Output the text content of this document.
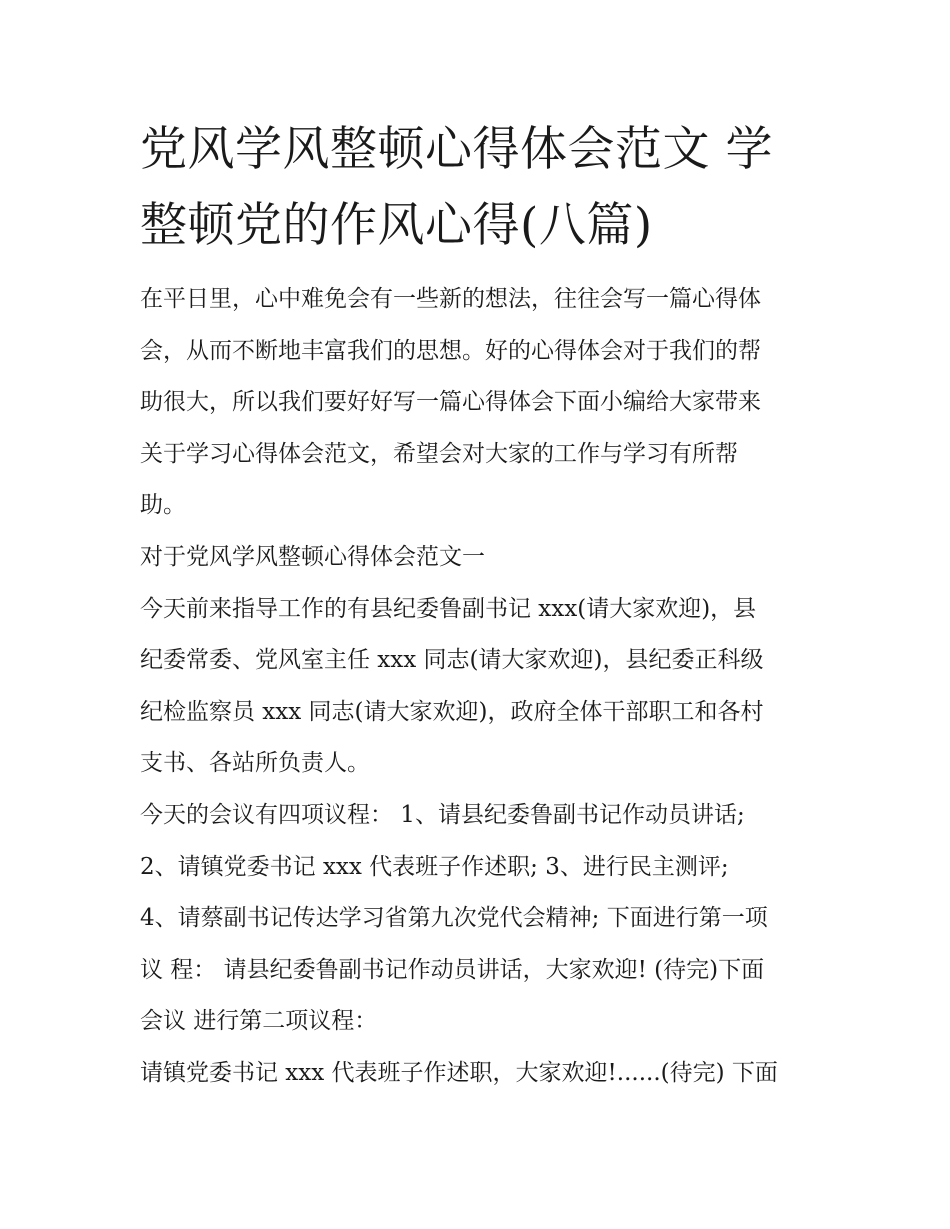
党风学风整顿心得体会范文 学
整顿党的作风心得(八篇)

在平日里，心中难免会有一些新的想法，往往会写一篇心得体

会，从而不断地丰富我们的思想。好的心得体会对于我们的帮

助很大，所以我们要好好写一篇心得体会下面小编给大家带来

关于学习心得体会范文，希望会对大家的工作与学习有所帮

助。

对于党风学风整顿心得体会范文一

今天前来指导工作的有县纪委鲁副书记 xxx(请大家欢迎)，县

纪委常委、党风室主任 xxx 同志(请大家欢迎)，县纪委正科级

纪检监察员 xxx 同志(请大家欢迎)，政府全体干部职工和各村

支书、各站所负责人。

今天的会议有四项议程： 1、请县纪委鲁副书记作动员讲话;

2、请镇党委书记 xxx 代表班子作述职; 3、进行民主测评;

4、请蔡副书记传达学习省第九次党代会精神; 下面进行第一项

议 程： 请县纪委鲁副书记作动员讲话，大家欢迎! (待完)下面

会议 进行第二项议程：

请镇党委书记 xxx 代表班子作述职，大家欢迎!......(待完) 下面
